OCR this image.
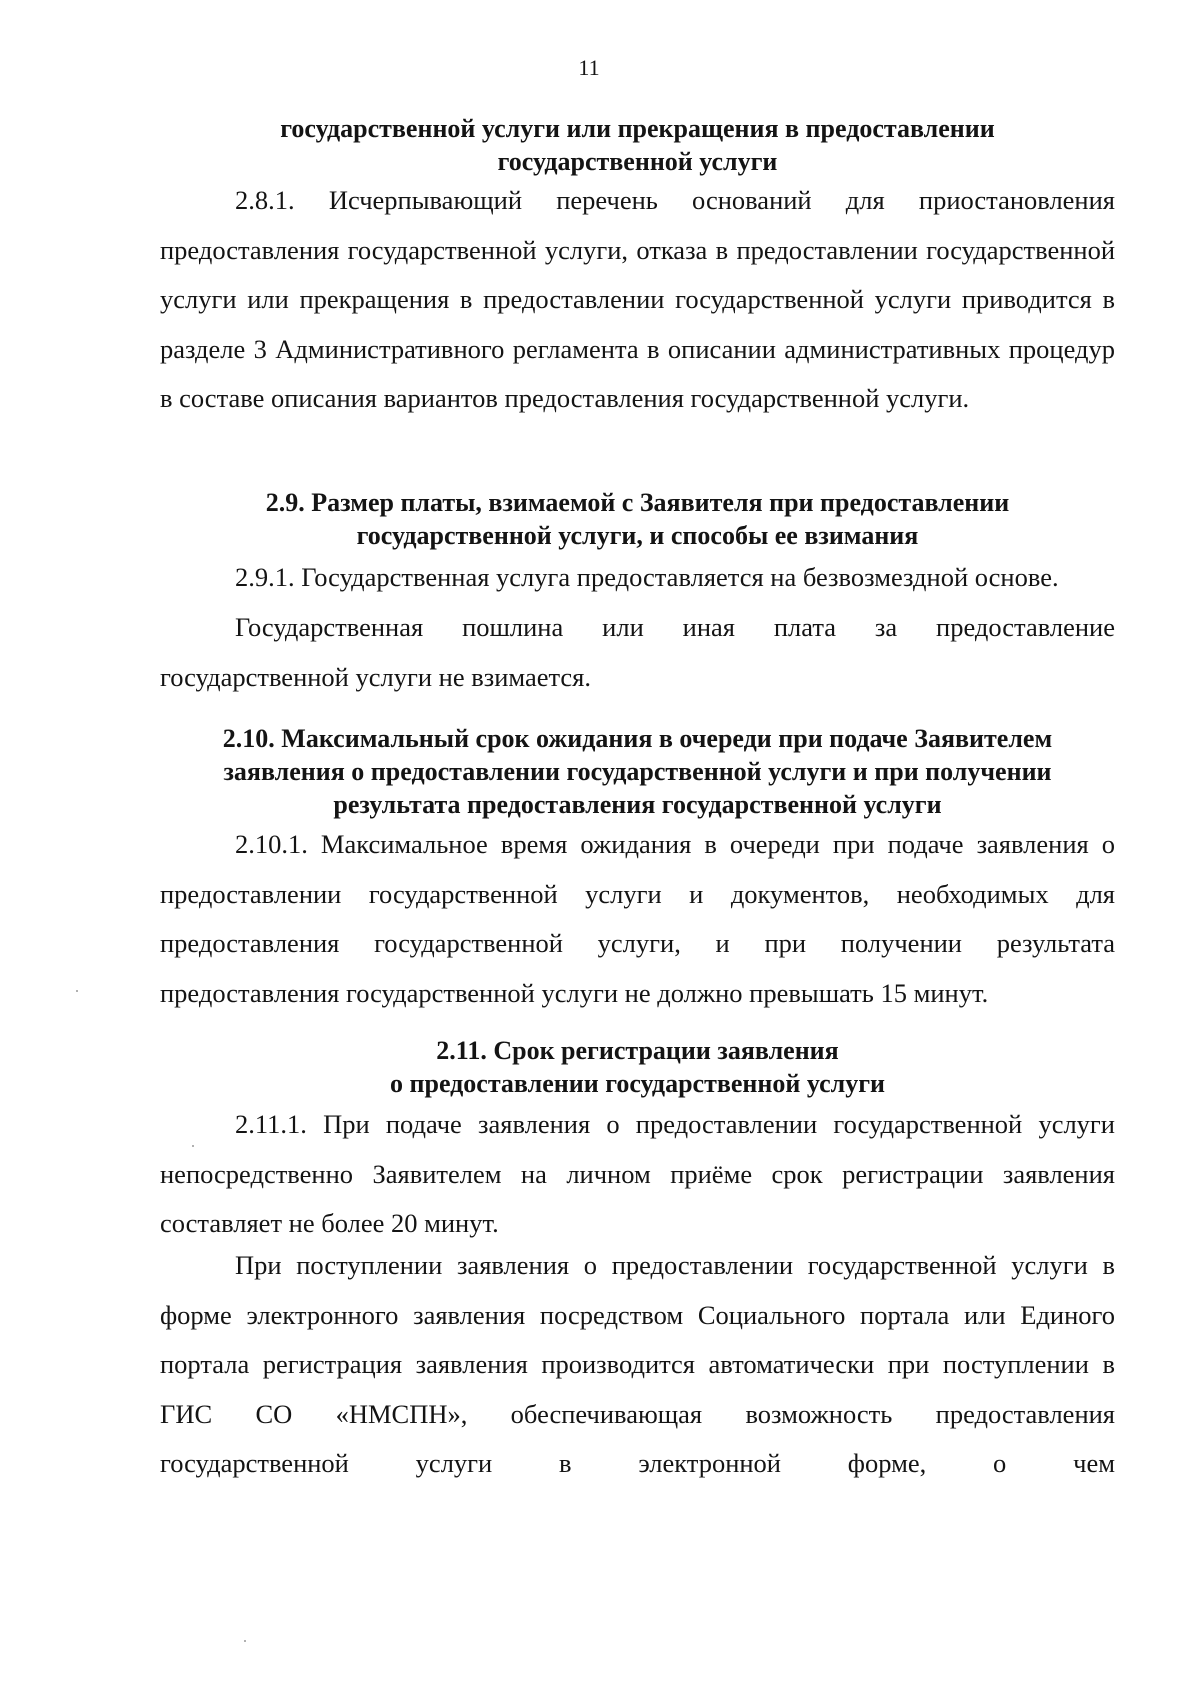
11
государственной услуги или прекращения в предоставлении
государственной услуги
2.8.1. Исчерпывающий перечень оснований для приостановления предоставления государственной услуги, отказа в предоставлении государственной услуги или прекращения в предоставлении государственной услуги приводится в разделе 3 Административного регламента в описании административных процедур в составе описания вариантов предоставления государственной услуги.
2.9. Размер платы, взимаемой с Заявителя при предоставлении
государственной услуги, и способы ее взимания
2.9.1. Государственная услуга предоставляется на безвозмездной основе.
Государственная пошлина или иная плата за предоставление государственной услуги не взимается.
2.10. Максимальный срок ожидания в очереди при подаче Заявителем
заявления о предоставлении государственной услуги и при получении
результата предоставления государственной услуги
2.10.1. Максимальное время ожидания в очереди при подаче заявления о предоставлении государственной услуги и документов, необходимых для предоставления государственной услуги, и при получении результата предоставления государственной услуги не должно превышать 15 минут.
2.11. Срок регистрации заявления
о предоставлении государственной услуги
2.11.1. При подаче заявления о предоставлении государственной услуги непосредственно Заявителем на личном приёме срок регистрации заявления составляет не более 20 минут.
При поступлении заявления о предоставлении государственной услуги в форме электронного заявления посредством Социального портала или Единого портала регистрация заявления производится автоматически при поступлении в ГИС СО «НМСПН», обеспечивающая возможность предоставления государственной услуги в электронной форме, о чем
